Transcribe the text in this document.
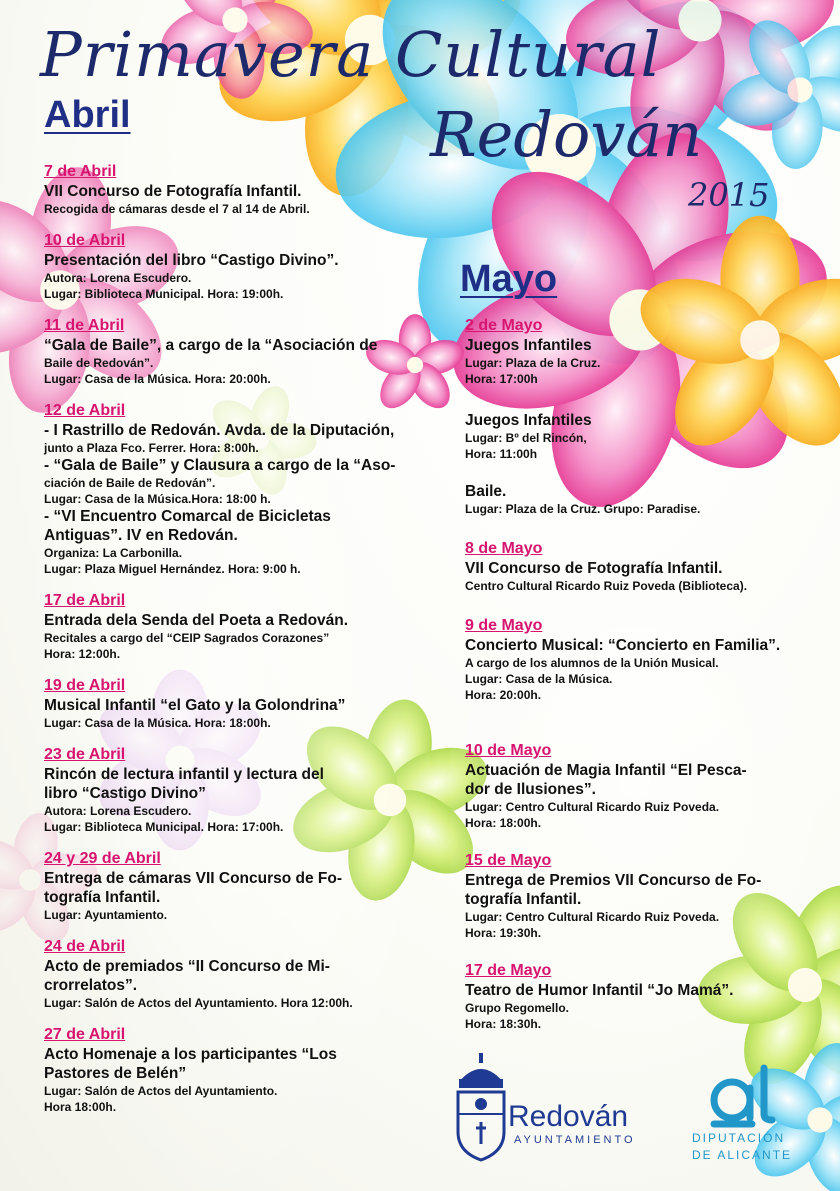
Primavera Cultural
Redován
2015
Abril
Mayo
7 de Abril
VII Concurso de Fotografía Infantil.
Recogida de cámaras desde el 7 al 14 de Abril.
10 de Abril
Presentación del libro “Castigo Divino”.
Autora: Lorena Escudero.
Lugar: Biblioteca Municipal. Hora: 19:00h.
11 de Abril
“Gala de Baile”, a cargo de la “Asociación de
Baile de Redován”.
Lugar: Casa de la Música. Hora: 20:00h.
12 de Abril
- I Rastrillo de Redován. Avda. de la Diputación,
junto a Plaza Fco. Ferrer. Hora: 8:00h.
- “Gala de Baile” y Clausura a cargo de la “Aso-
ciación de Baile de Redován”.
Lugar: Casa de la Música.Hora: 18:00 h.
- “VI Encuentro Comarcal de Bicicletas
Antiguas”. IV en Redován.
Organiza: La Carbonilla.
Lugar: Plaza Miguel Hernández. Hora: 9:00 h.
17 de Abril
Entrada dela Senda del Poeta a Redován.
Recitales a cargo del “CEIP Sagrados Corazones”
Hora: 12:00h.
19 de Abril
Musical Infantil “el Gato y la Golondrina”
Lugar: Casa de la Música. Hora: 18:00h.
23 de Abril
Rincón de lectura infantil y lectura del
libro “Castigo Divino”
Autora: Lorena Escudero.
Lugar: Biblioteca Municipal. Hora: 17:00h.
24 y 29 de Abril
Entrega de cámaras VII Concurso de Fo-
tografía Infantil.
Lugar: Ayuntamiento.
24 de Abril
Acto de premiados “II Concurso de Mi-
crorrelatos”.
Lugar: Salón de Actos del Ayuntamiento. Hora 12:00h.
27 de Abril
Acto Homenaje a los participantes “Los
Pastores de Belén”
Lugar: Salón de Actos del Ayuntamiento.
Hora 18:00h.
2 de Mayo
Juegos Infantiles
Lugar: Plaza de la Cruz.
Hora: 17:00h
Juegos Infantiles
Lugar: Bº del Rincón,
Hora: 11:00h
Baile.
Lugar: Plaza de la Cruz. Grupo: Paradise.
8 de Mayo
VII Concurso de Fotografía Infantil.
Centro Cultural Ricardo Ruiz Poveda (Biblioteca).
9 de Mayo
Concierto Musical: “Concierto en Familia”.
A cargo de los alumnos de la Unión Musical.
Lugar: Casa de la Música.
Hora: 20:00h.
10 de Mayo
Actuación de Magia Infantil “El Pesca-
dor de Ilusiones”.
Lugar: Centro Cultural Ricardo Ruiz Poveda.
Hora: 18:00h.
15 de Mayo
Entrega de Premios VII Concurso de Fo-
tografía Infantil.
Lugar: Centro Cultural Ricardo Ruiz Poveda.
Hora: 19:30h.
17 de Mayo
Teatro de Humor Infantil “Jo Mamá”.
Grupo Regomello.
Hora: 18:30h.
Redován
AYUNTAMIENTO	DIPUTACIÓN
DE ALICANTE
